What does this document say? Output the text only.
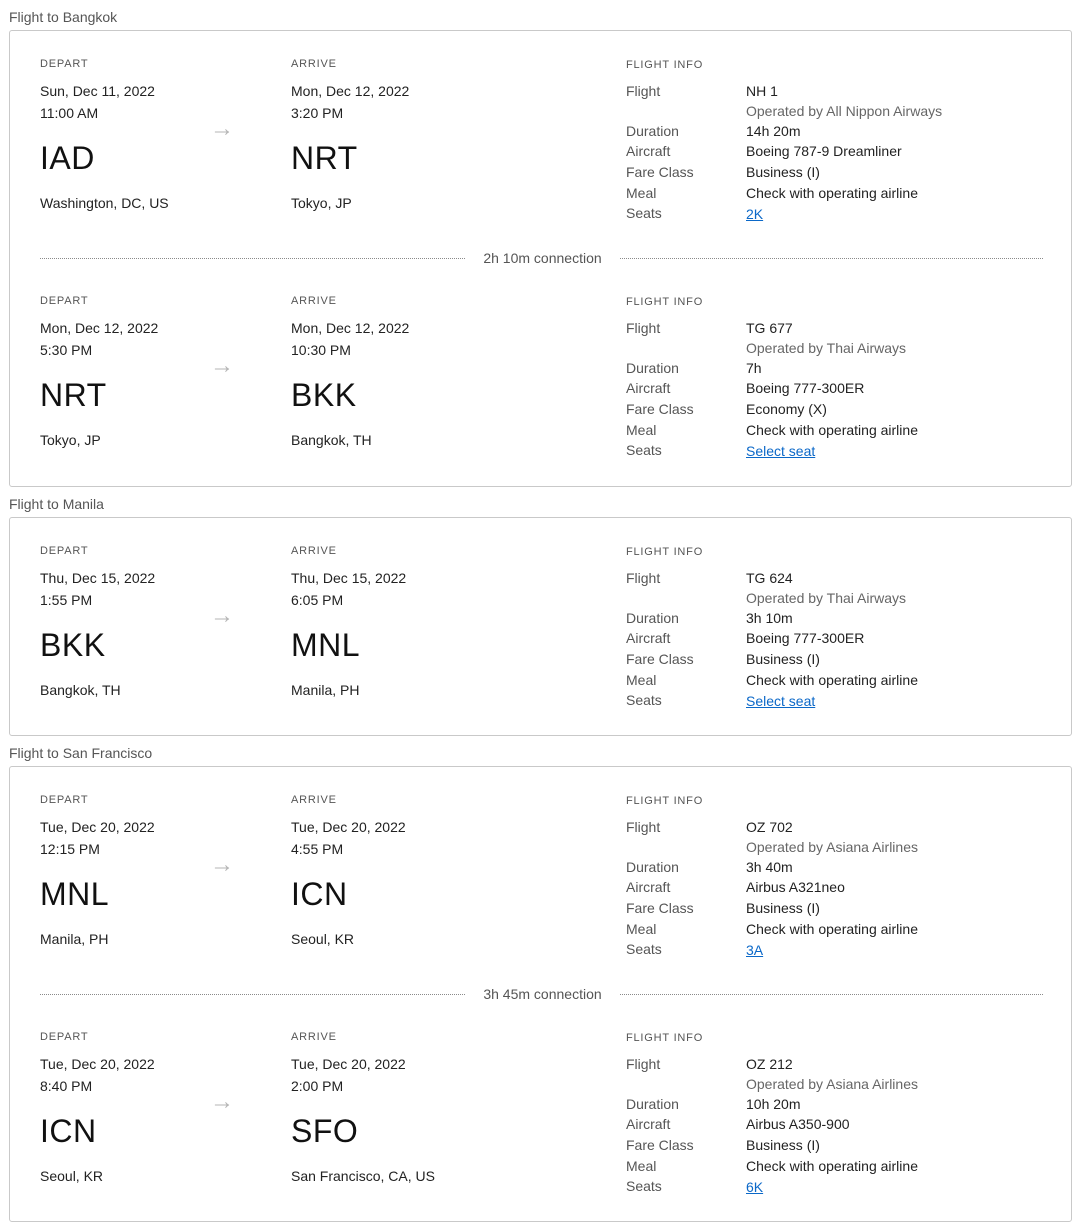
Flight to Bangkok
DEPART
Sun, Dec 11, 2022
11:00 AM
IAD
Washington, DC, US
→
ARRIVE
Mon, Dec 12, 2022
3:20 PM
NRT
Tokyo, JP
FLIGHT INFO
Flight	NH 1
Operated by All Nippon Airways
Duration	14h 20m
Aircraft	Boeing 787-9 Dreamliner
Fare Class	Business (I)
Meal	Check with operating airline
Seats	2K
DEPART
Mon, Dec 12, 2022
5:30 PM
NRT
Tokyo, JP
→
ARRIVE
Mon, Dec 12, 2022
10:30 PM
BKK
Bangkok, TH
FLIGHT INFO
Flight	TG 677
Operated by Thai Airways
Duration	7h
Aircraft	Boeing 777-300ER
Fare Class	Economy (X)
Meal	Check with operating airline
Seats	Select seat
2h 10m connection
Flight to Manila
DEPART
Thu, Dec 15, 2022
1:55 PM
BKK
Bangkok, TH
→
ARRIVE
Thu, Dec 15, 2022
6:05 PM
MNL
Manila, PH
FLIGHT INFO
Flight	TG 624
Operated by Thai Airways
Duration	3h 10m
Aircraft	Boeing 777-300ER
Fare Class	Business (I)
Meal	Check with operating airline
Seats	Select seat
Flight to San Francisco
DEPART
Tue, Dec 20, 2022
12:15 PM
MNL
Manila, PH
→
ARRIVE
Tue, Dec 20, 2022
4:55 PM
ICN
Seoul, KR
FLIGHT INFO
Flight	OZ 702
Operated by Asiana Airlines
Duration	3h 40m
Aircraft	Airbus A321neo
Fare Class	Business (I)
Meal	Check with operating airline
Seats	3A
DEPART
Tue, Dec 20, 2022
8:40 PM
ICN
Seoul, KR
→
ARRIVE
Tue, Dec 20, 2022
2:00 PM
SFO
San Francisco, CA, US
FLIGHT INFO
Flight	OZ 212
Operated by Asiana Airlines
Duration	10h 20m
Aircraft	Airbus A350-900
Fare Class	Business (I)
Meal	Check with operating airline
Seats	6K
3h 45m connection
